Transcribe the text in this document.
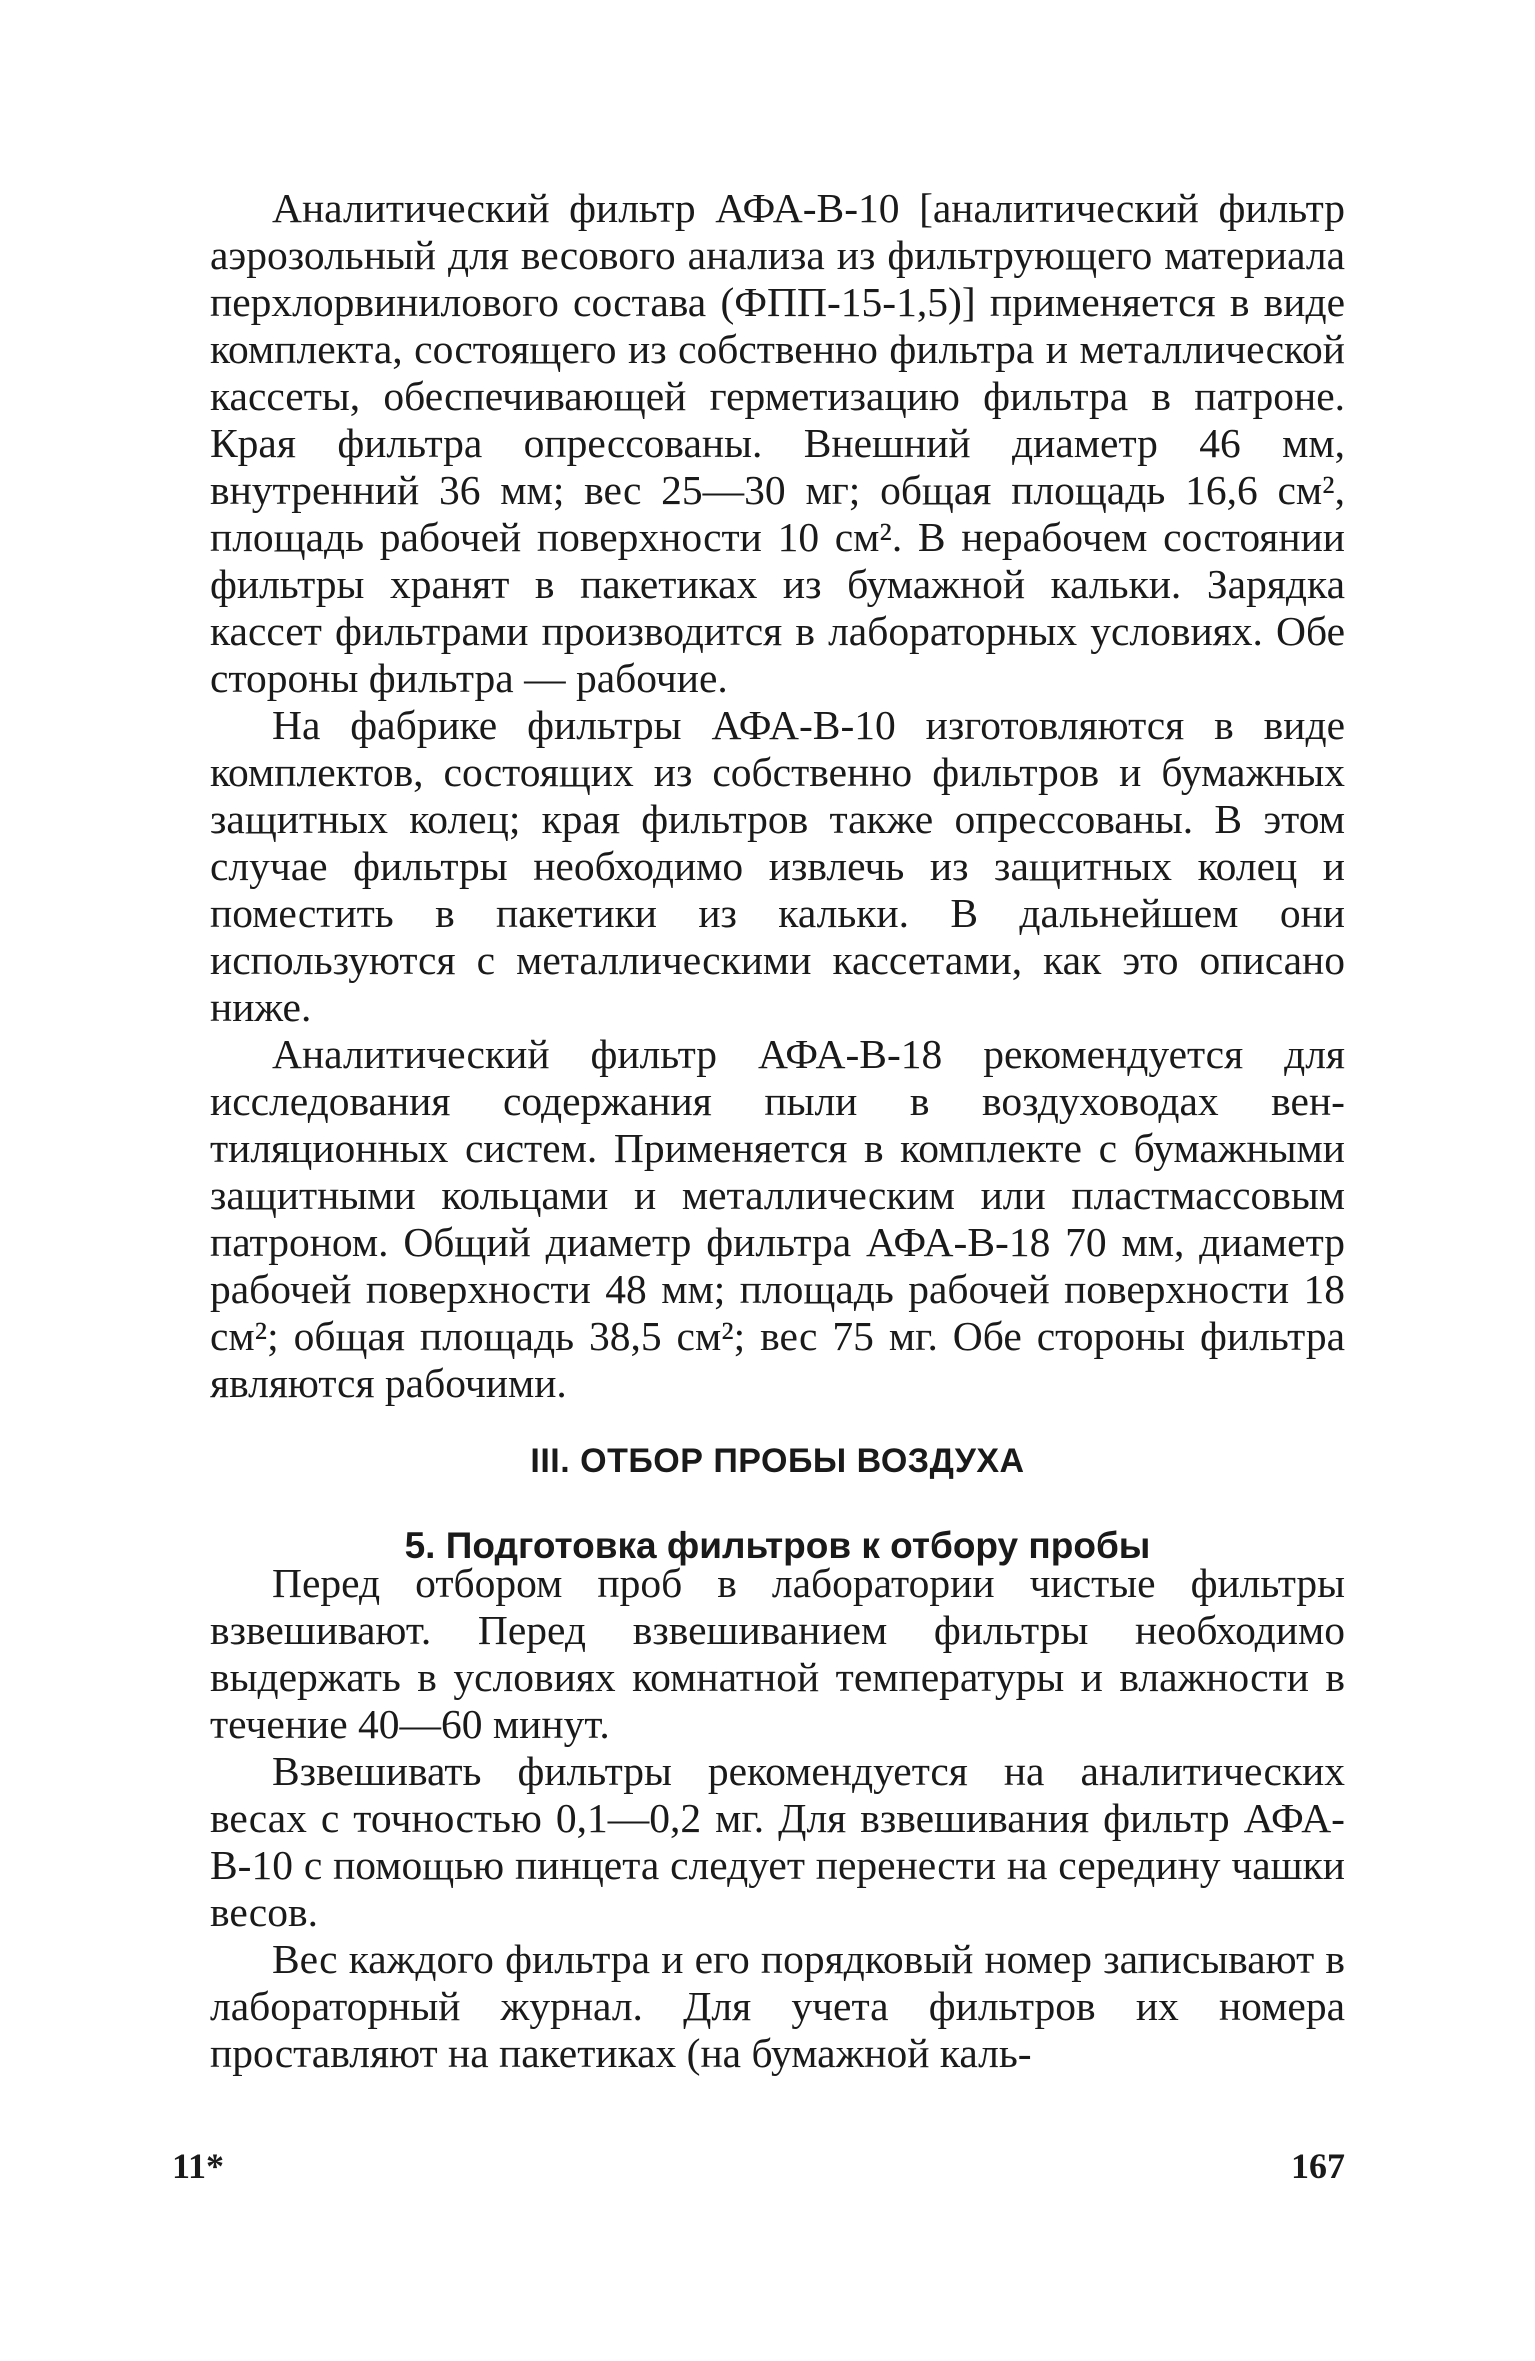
Аналитический фильтр АФА-В-10 [аналитический фильтр аэрозольный для весового анализа из фильтрующего материала перхлорвинилового состава (ФПП-15-1,5)] применяется в виде комплекта, состоящего из собственно фильтра и металлической кассеты, обеспечивающей герметизацию фильтра в патроне. Края фильтра опрессованы. Внешний диаметр 46 мм, внутренний 36 мм; вес 25—30 мг; общая площадь 16,6 см², площадь рабочей поверхности 10 см². В нерабочем состоянии фильтры хранят в пакетиках из бумажной кальки. Зарядка кассет фильтрами производится в лабораторных условиях. Обе стороны фильтра — рабочие.

На фабрике фильтры АФА-В-10 изготовляются в виде комплектов, состоящих из собственно фильтров и бумажных защитных колец; края фильтров также опрессованы. В этом случае фильтры необходимо извлечь из защитных колец и поместить в пакетики из кальки. В дальнейшем они используются с металлическими кассетами, как это описано ниже.

Аналитический фильтр АФА-В-18 рекомендуется для исследования содержания пыли в воздуховодах вентиляционных систем. Применяется в комплекте с бумажными защитными кольцами и металлическим или пластмассовым патроном. Общий диаметр фильтра АФА-В-18 70 мм, диаметр рабочей поверхности 48 мм; площадь рабочей поверхности 18 см²; общая площадь 38,5 см²; вес 75 мг. Обе стороны фильтра являются рабочими.

III. ОТБОР ПРОБЫ ВОЗДУХА
5. Подготовка фильтров к отбору пробы

Перед отбором проб в лаборатории чистые фильтры взвешивают. Перед взвешиванием фильтры необходимо выдержать в условиях комнатной температуры и влажности в течение 40—60 минут.

Взвешивать фильтры рекомендуется на аналитических весах с точностью 0,1—0,2 мг. Для взвешивания фильтр АФА-В-10 с помощью пинцета следует перенести на середину чашки весов.

Вес каждого фильтра и его порядковый номер записывают в лабораторный журнал. Для учета фильтров их номера проставляют на пакетиках (на бумажной каль-

11*	167
